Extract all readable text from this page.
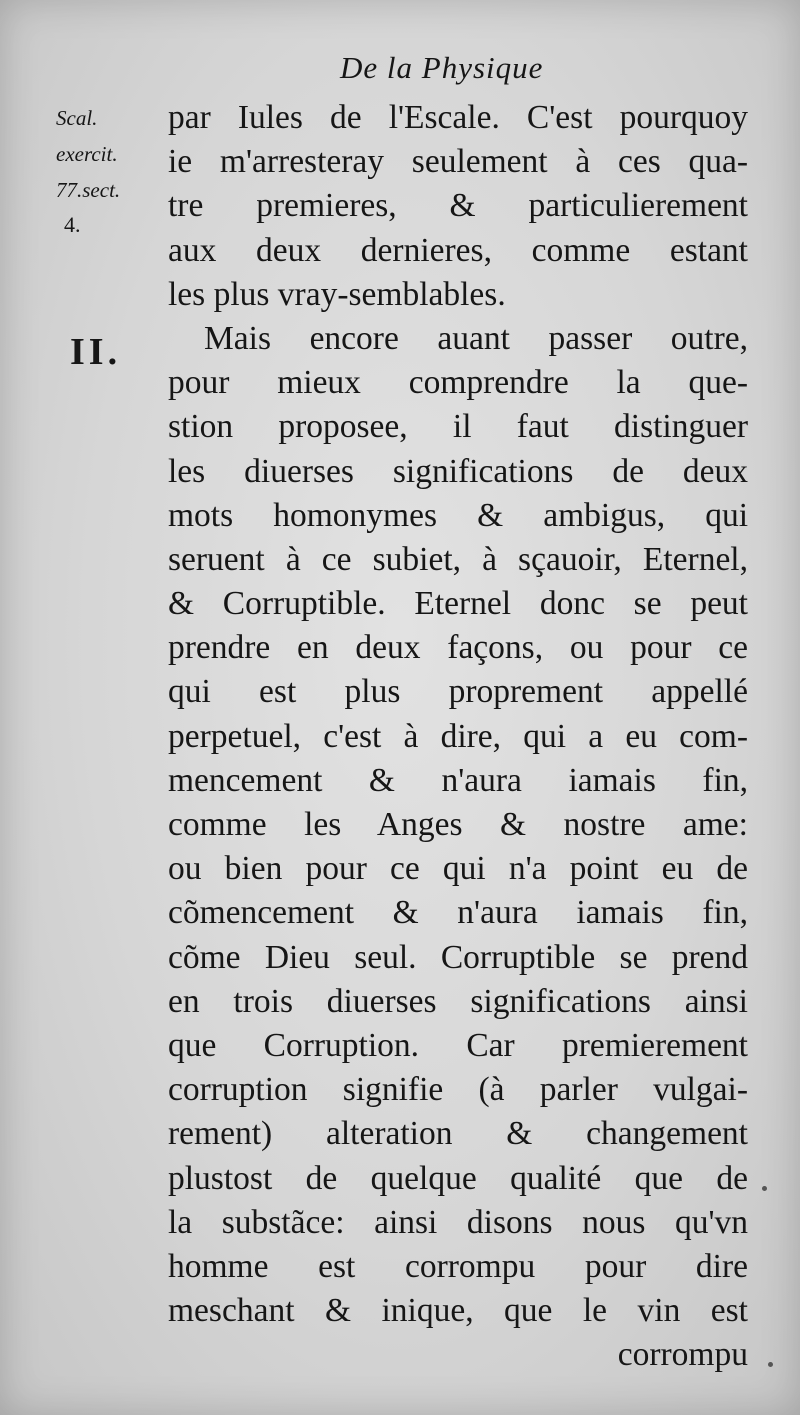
De la Physique
Scal.
exercit.
77.sect.
4.
II.
par Iules de l'Escale. C'est pourquoy
ie m'arresteray seulement à ces qua-
tre premieres, & particulierement
aux deux dernieres, comme estant
les plus vray-semblables.
Mais encore auant passer outre,
pour mieux comprendre la que-
stion proposee, il faut distinguer
les diuerses significations de deux
mots homonymes & ambigus, qui
seruent à ce subiet, à sçauoir, Eternel,
& Corruptible. Eternel donc se peut
prendre en deux façons, ou pour ce
qui est plus proprement appellé
perpetuel, c'est à dire, qui a eu com-
mencement & n'aura iamais fin,
comme les Anges & nostre ame:
ou bien pour ce qui n'a point eu de
cõmencement & n'aura iamais fin,
cõme Dieu seul. Corruptible se prend
en trois diuerses significations ainsi
que Corruption. Car premierement
corruption signifie (à parler vulgai-
rement) alteration & changement
plustost de quelque qualité que de
la substãce: ainsi disons nous qu'vn
homme est corrompu pour dire
meschant & inique, que le vin est
corrompu
